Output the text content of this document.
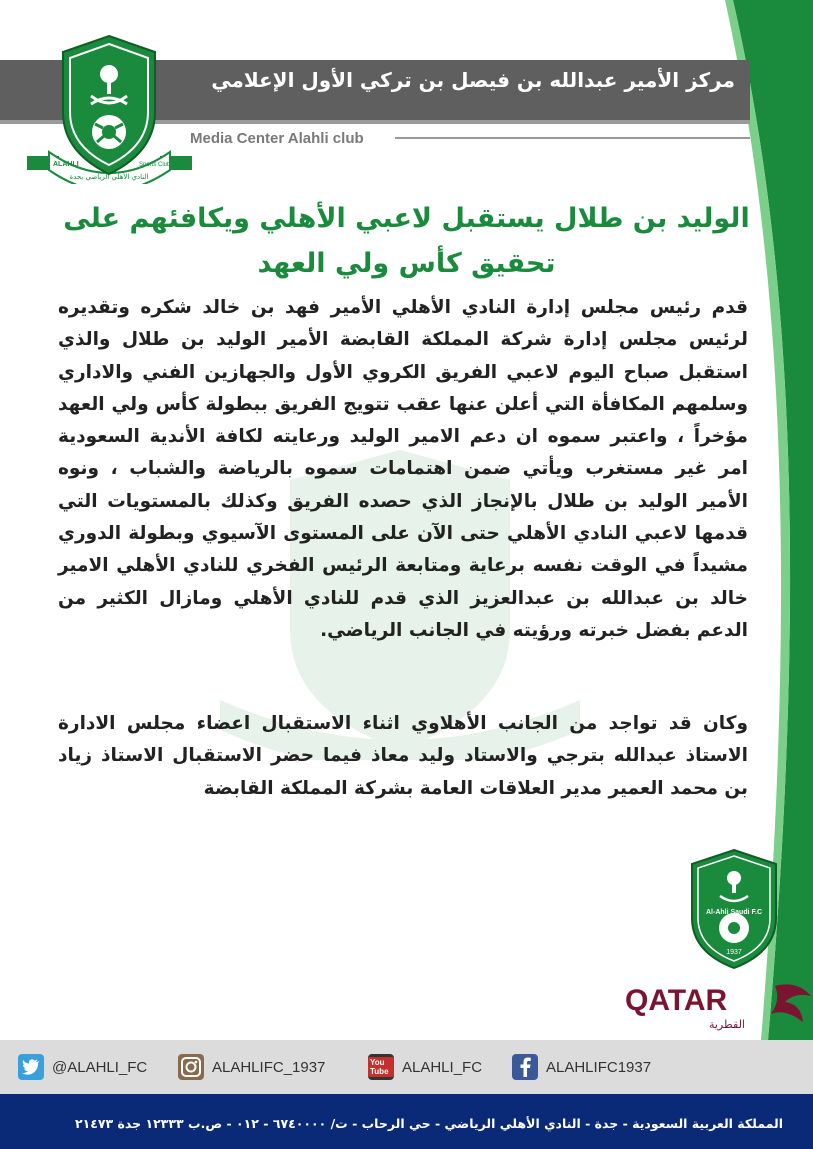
مركز الأمير عبدالله بن فيصل بن تركي الأول الإعلامي
Media Center Alahli club
ALAHLI	Sports Club
النادي الأهلي الرياضي بجدة
الوليد بن طلال يستقبل لاعبي الأهلي ويكافئهم على تحقيق كأس ولي العهد
قدم رئيس مجلس إدارة النادي الأهلي الأمير فهد بن خالد شكره وتقديره لرئيس مجلس إدارة شركة المملكة القابضة الأمير الوليد بن طلال والذي استقبل صباح اليوم لاعبي الفريق الكروي الأول والجهازين الفني والاداري وسلمهم المكافأة التي أعلن عنها عقب تتويج الفريق ببطولة كأس ولي العهد مؤخراً ، واعتبر سموه ان دعم الامير الوليد ورعايته لكافة الأندية السعودية امر غير مستغرب ويأتي ضمن اهتمامات سموه بالرياضة والشباب ، ونوه الأمير الوليد بن طلال بالإنجاز الذي حصده الفريق وكذلك بالمستويات التي قدمها لاعبي النادي الأهلي حتى الآن على المستوى الآسيوي وبطولة الدوري مشيداً في الوقت نفسه برعاية ومتابعة الرئيس الفخري للنادي الأهلي الامير خالد بن عبدالله بن عبدالعزيز الذي قدم للنادي الأهلي ومازال الكثير من الدعم بفضل خبرته ورؤيته في الجانب الرياضي.
وكان قد تواجد من الجانب الأهلاوي اثناء الاستقبال اعضاء مجلس الادارة الاستاذ عبدالله بترجي والاستاد وليد معاذ فيما حضر الاستقبال الاستاذ زياد بن محمد العمير مدير العلاقات العامة بشركة المملكة القابضة
Al-Ahli Saudi F.C
1937
QATAR
القطرية
@ALAHLI_FC	ALAHLIFC_1937	You Tube ALAHLI_FC	ALAHLIFC1937
المملكة العربية السعودية - جدة - النادي الأهلي الرياضي - حي الرحاب - ت/ ٦٧٤٠٠٠٠ - ٠١٢ - ص.ب ١٢٣٣٣ جدة ٢١٤٧٣
